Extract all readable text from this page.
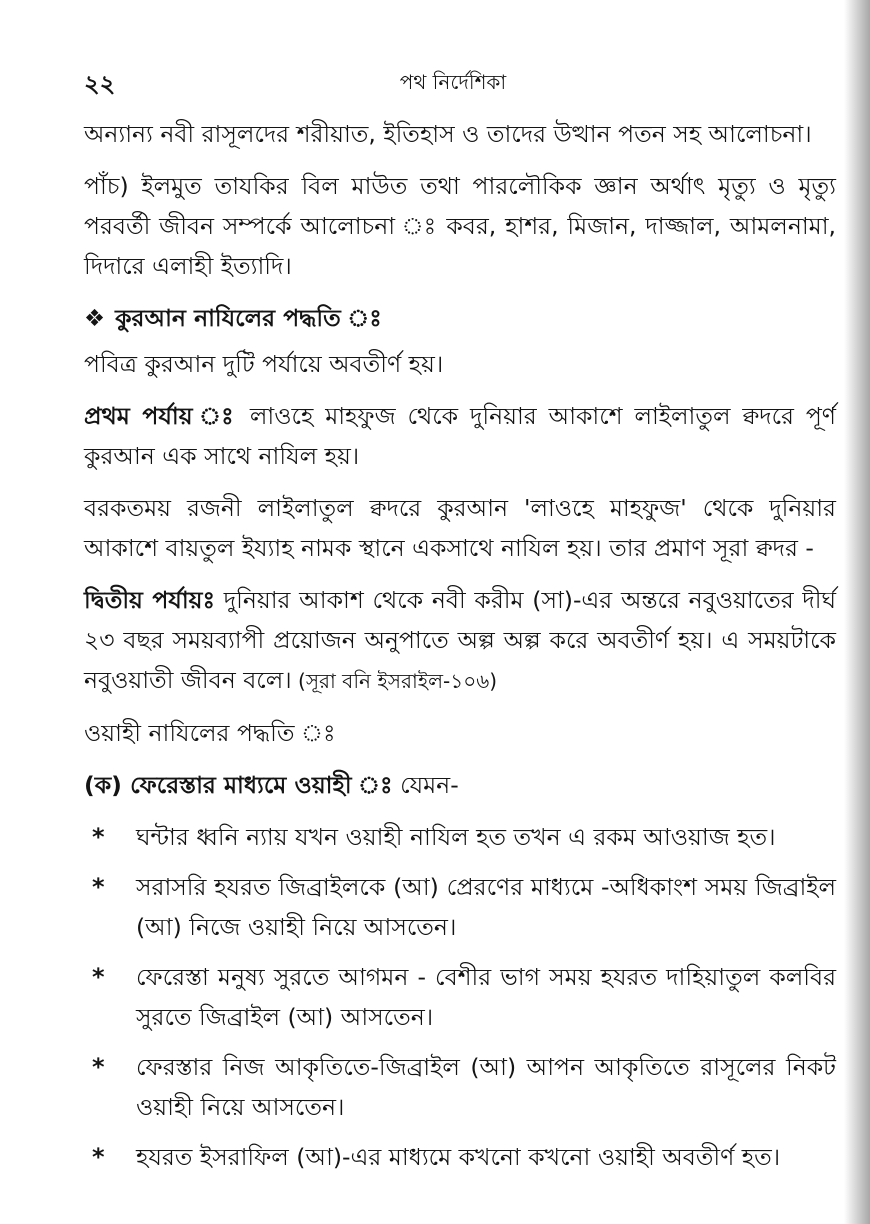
২২	পথ নির্দেশিকা

অন্যান্য নবী রাসূলদের শরীয়াত, ইতিহাস ও তাদের উত্থান পতন সহ আলোচনা।

পাঁচ) ইলমুত তাযকির বিল মাউত তথা পারলৌকিক জ্ঞান অর্থাৎ মৃত্যু ও মৃত্যু পরবর্তী জীবন সম্পর্কে আলোচনা ঃ কবর, হাশর, মিজান, দাজ্জাল, আমলনামা, দিদারে এলাহী ইত্যাদি।

❖ কুরআন নাযিলের পদ্ধতি ঃ

পবিত্র কুরআন দুটি পর্যায়ে অবতীর্ণ হয়।

প্রথম পর্যায় ঃ লাওহে মাহফুজ থেকে দুনিয়ার আকাশে লাইলাতুল ক্বদরে পূর্ণ কুরআন এক সাথে নাযিল হয়।

বরকতময় রজনী লাইলাতুল ক্বদরে কুরআন 'লাওহে মাহফুজ' থেকে দুনিয়ার আকাশে বায়তুল ইয্যাহ নামক স্থানে একসাথে নাযিল হয়। তার প্রমাণ সূরা ক্বদর -

দ্বিতীয় পর্যায়ঃ দুনিয়ার আকাশ থেকে নবী করীম (সা)-এর অন্তরে নবুওয়াতের দীর্ঘ ২৩ বছর সময়ব্যাপী প্রয়োজন অনুপাতে অল্প অল্প করে অবতীর্ণ হয়। এ সময়টাকে নবুওয়াতী জীবন বলে। (সূরা বনি ইসরাইল-১০৬)

ওয়াহী নাযিলের পদ্ধতি ঃ

(ক) ফেরেস্তার মাধ্যমে ওয়াহী ঃ যেমন-

* ঘন্টার ধ্বনি ন্যায় যখন ওয়াহী নাযিল হত তখন এ রকম আওয়াজ হত।
* সরাসরি হযরত জিব্রাইলকে (আ) প্রেরণের মাধ্যমে -অধিকাংশ সময় জিব্রাইল (আ) নিজে ওয়াহী নিয়ে আসতেন।
* ফেরেস্তা মনুষ্য সুরতে আগমন - বেশীর ভাগ সময় হযরত দাহিয়াতুল কলবির সুরতে জিব্রাইল (আ) আসতেন।
* ফেরস্তার নিজ আকৃতিতে-জিব্রাইল (আ) আপন আকৃতিতে রাসূলের নিকট ওয়াহী নিয়ে আসতেন।
* হযরত ইসরাফিল (আ)-এর মাধ্যমে কখনো কখনো ওয়াহী অবতীর্ণ হত।
